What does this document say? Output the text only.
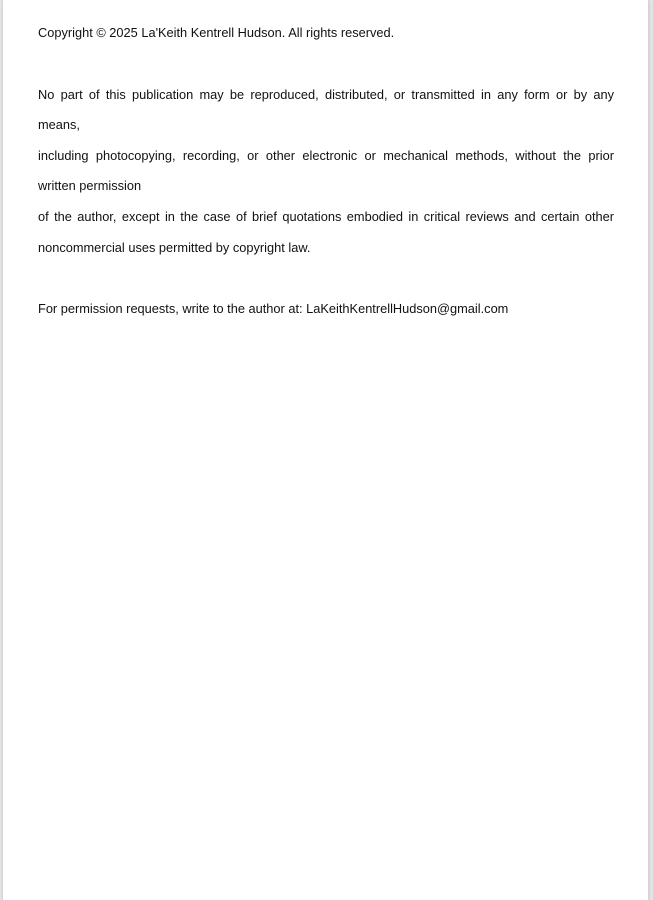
Copyright © 2025 La'Keith Kentrell Hudson. All rights reserved.
No part of this publication may be reproduced, distributed, or transmitted in any form or by any
means,
including photocopying, recording, or other electronic or mechanical methods, without the prior
written permission
of the author, except in the case of brief quotations embodied in critical reviews and certain other
noncommercial uses permitted by copyright law.
For permission requests, write to the author at: LaKeithKentrellHudson@gmail.com
